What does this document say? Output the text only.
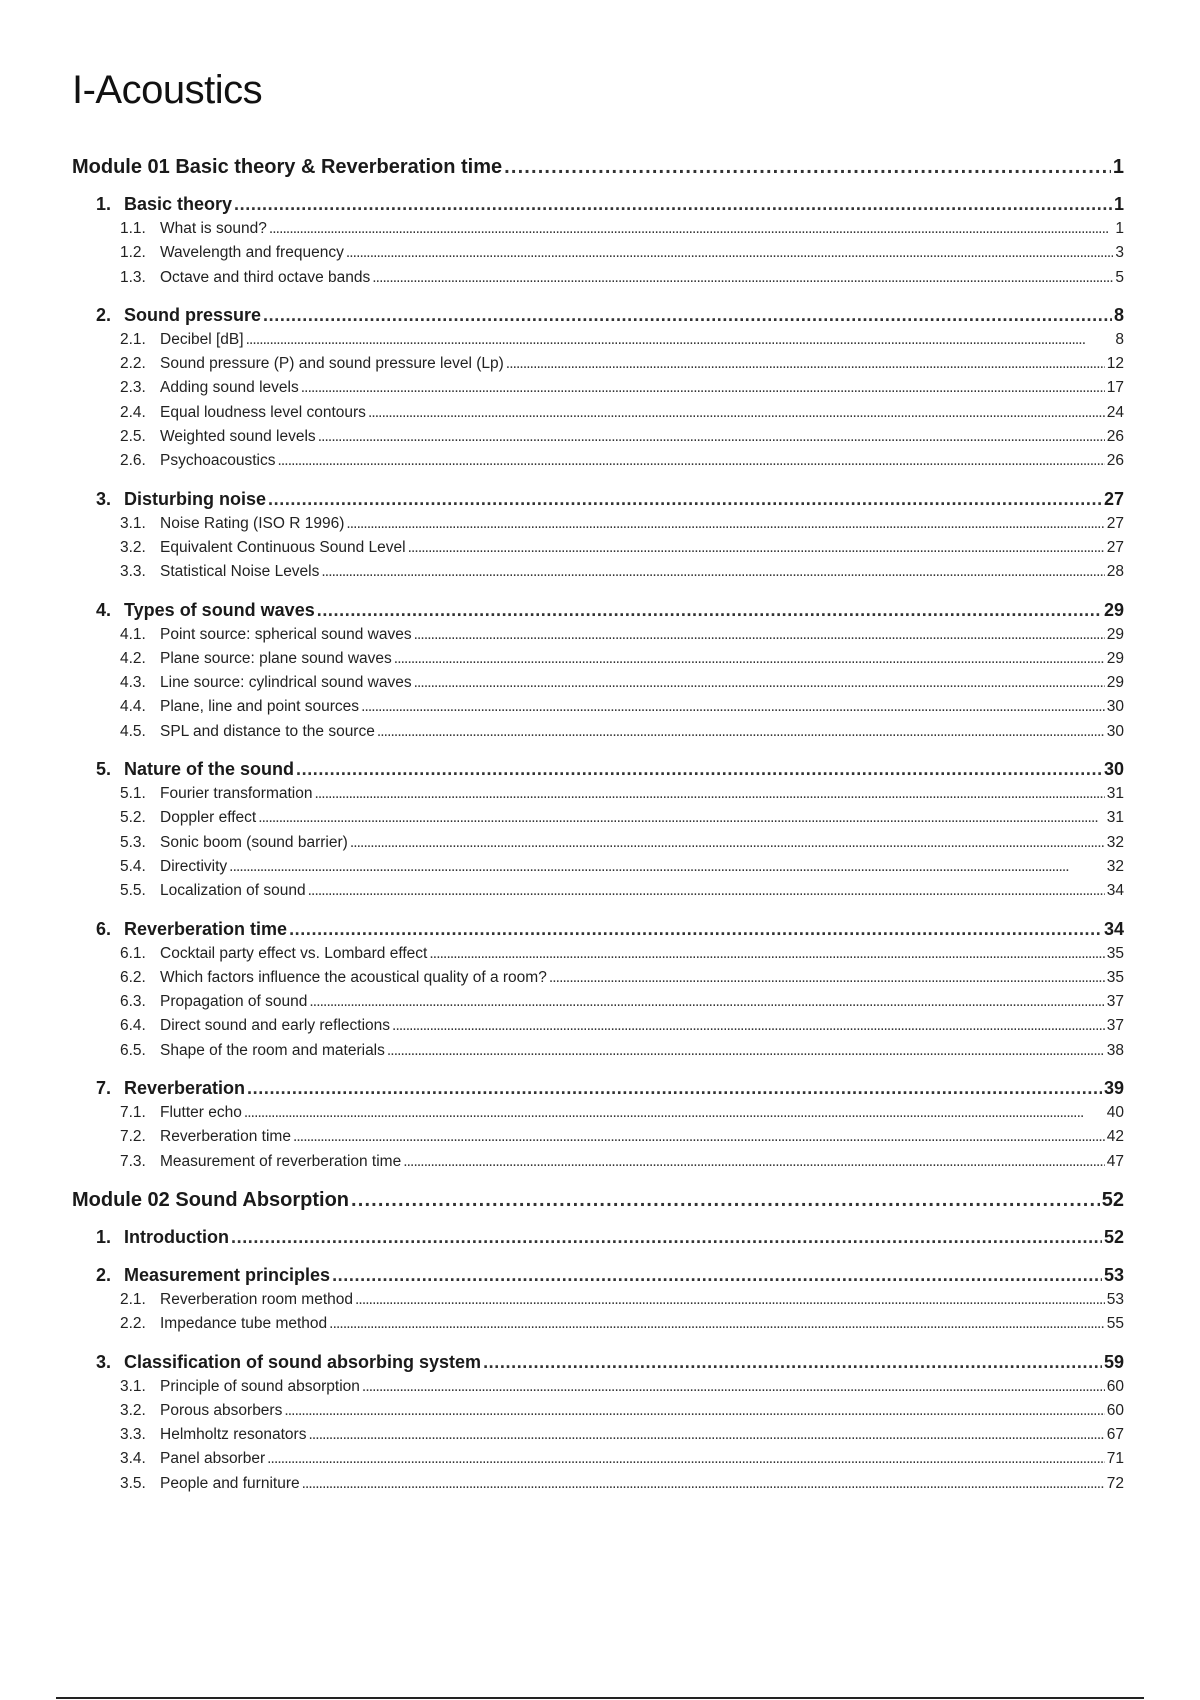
I-Acoustics
Module 01 Basic theory & Reverberation time . . .	1
1. Basic theory . . .	1
1.1. What is sound? . . .	1
1.2. Wavelength and frequency . . .	3
1.3. Octave and third octave bands . . .	5
2. Sound pressure . . .	8
2.1. Decibel [dB] . . .	8
2.2. Sound pressure (P) and sound pressure level (Lp) . . .	12
2.3. Adding sound levels . . .	17
2.4. Equal loudness level contours . . .	24
2.5. Weighted sound levels . . .	26
2.6. Psychoacoustics . . .	26
3. Disturbing noise . . .	27
3.1. Noise Rating (ISO R 1996) . . .	27
3.2. Equivalent Continuous Sound Level . . .	27
3.3. Statistical Noise Levels . . .	28
4. Types of sound waves . . .	29
4.1. Point source: spherical sound waves . . .	29
4.2. Plane source: plane sound waves . . .	29
4.3. Line source: cylindrical sound waves . . .	29
4.4. Plane, line and point sources . . .	30
4.5. SPL and distance to the source . . .	30
5. Nature of the sound . . .	30
5.1. Fourier transformation . . .	31
5.2. Doppler effect . . .	31
5.3. Sonic boom (sound barrier) . . .	32
5.4. Directivity . . .	32
5.5. Localization of sound . . .	34
6. Reverberation time . . .	34
6.1. Cocktail party effect vs. Lombard effect . . .	35
6.2. Which factors influence the acoustical quality of a room? . . .	35
6.3. Propagation of sound . . .	37
6.4. Direct sound and early reflections . . .	37
6.5. Shape of the room and materials . . .	38
7. Reverberation . . .	39
7.1. Flutter echo . . .	40
7.2. Reverberation time . . .	42
7.3. Measurement of reverberation time . . .	47
Module 02 Sound Absorption . . .	52
1. Introduction . . .	52
2. Measurement principles . . .	53
2.1. Reverberation room method . . .	53
2.2. Impedance tube method . . .	55
3. Classification of sound absorbing system . . .	59
3.1. Principle of sound absorption . . .	60
3.2. Porous absorbers . . .	60
3.3. Helmholtz resonators . . .	67
3.4. Panel absorber . . .	71
3.5. People and furniture . . .	72
